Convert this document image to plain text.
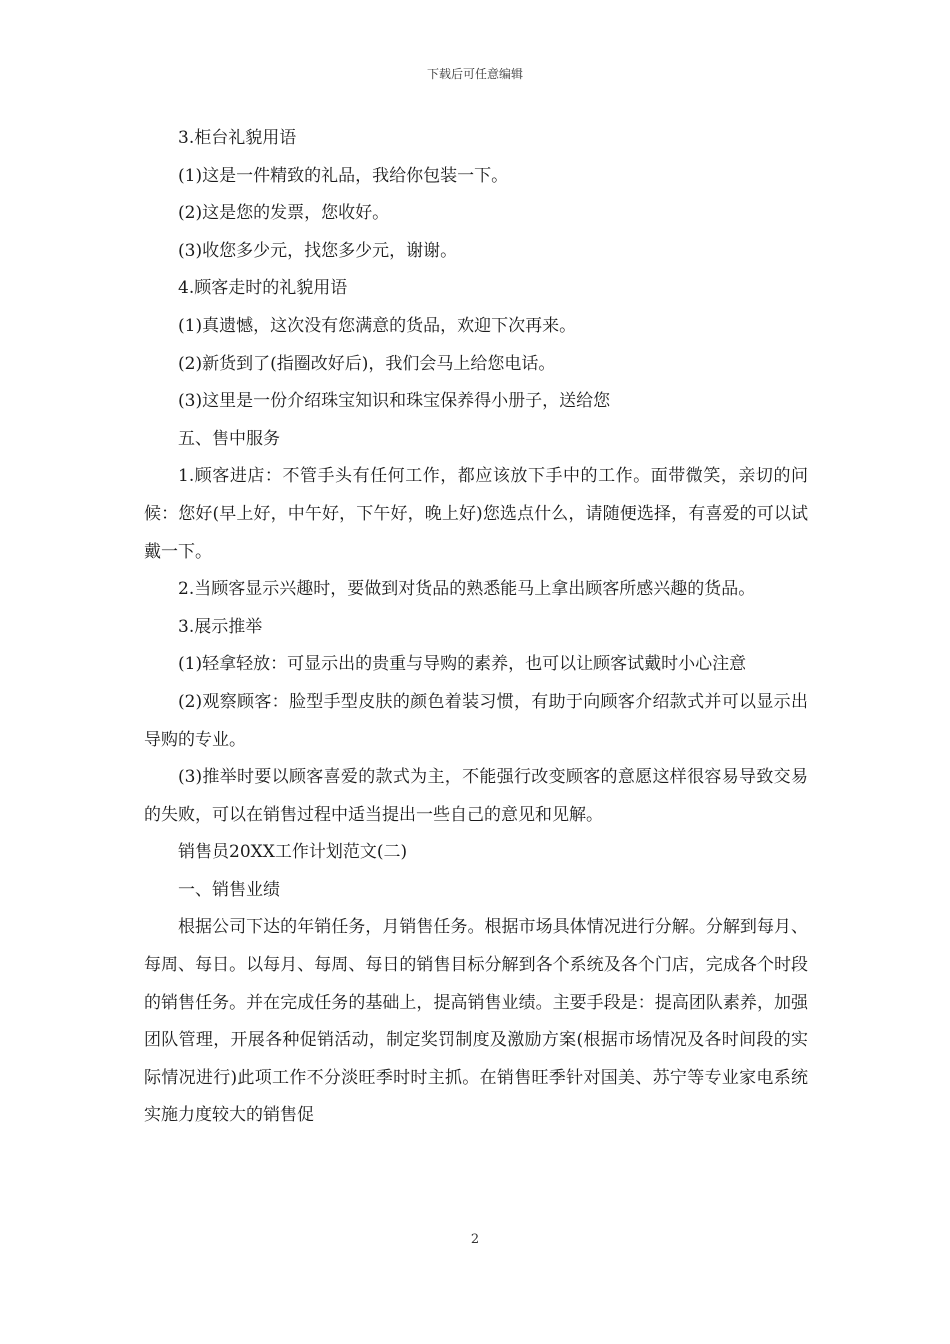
下载后可任意编辑

3.柜台礼貌用语

(1)这是一件精致的礼品，我给你包装一下。

(2)这是您的发票，您收好。

(3)收您多少元，找您多少元，谢谢。

4.顾客走时的礼貌用语

(1)真遗憾，这次没有您满意的货品，欢迎下次再来。

(2)新货到了(指圈改好后)，我们会马上给您电话。

(3)这里是一份介绍珠宝知识和珠宝保养得小册子，送给您

五、售中服务

1.顾客进店：不管手头有任何工作，都应该放下手中的工作。面带微笑，亲切的问候：您好(早上好，中午好，下午好，晚上好)您选点什么，请随便选择，有喜爱的可以试戴一下。

2.当顾客显示兴趣时，要做到对货品的熟悉能马上拿出顾客所感兴趣的货品。

3.展示推举

(1)轻拿轻放：可显示出的贵重与导购的素养，也可以让顾客试戴时小心注意

(2)观察顾客：脸型手型皮肤的颜色着装习惯，有助于向顾客介绍款式并可以显示出导购的专业。

(3)推举时要以顾客喜爱的款式为主，不能强行改变顾客的意愿这样很容易导致交易的失败，可以在销售过程中适当提出一些自己的意见和见解。

销售员20XX工作计划范文(二)

一、销售业绩

根据公司下达的年销任务，月销售任务。根据市场具体情况进行分解。分解到每月、每周、每日。以每月、每周、每日的销售目标分解到各个系统及各个门店，完成各个时段的销售任务。并在完成任务的基础上，提高销售业绩。主要手段是：提高团队素养，加强团队管理，开展各种促销活动，制定奖罚制度及激励方案(根据市场情况及各时间段的实际情况进行)此项工作不分淡旺季时时主抓。在销售旺季针对国美、苏宁等专业家电系统实施力度较大的销售促

2
